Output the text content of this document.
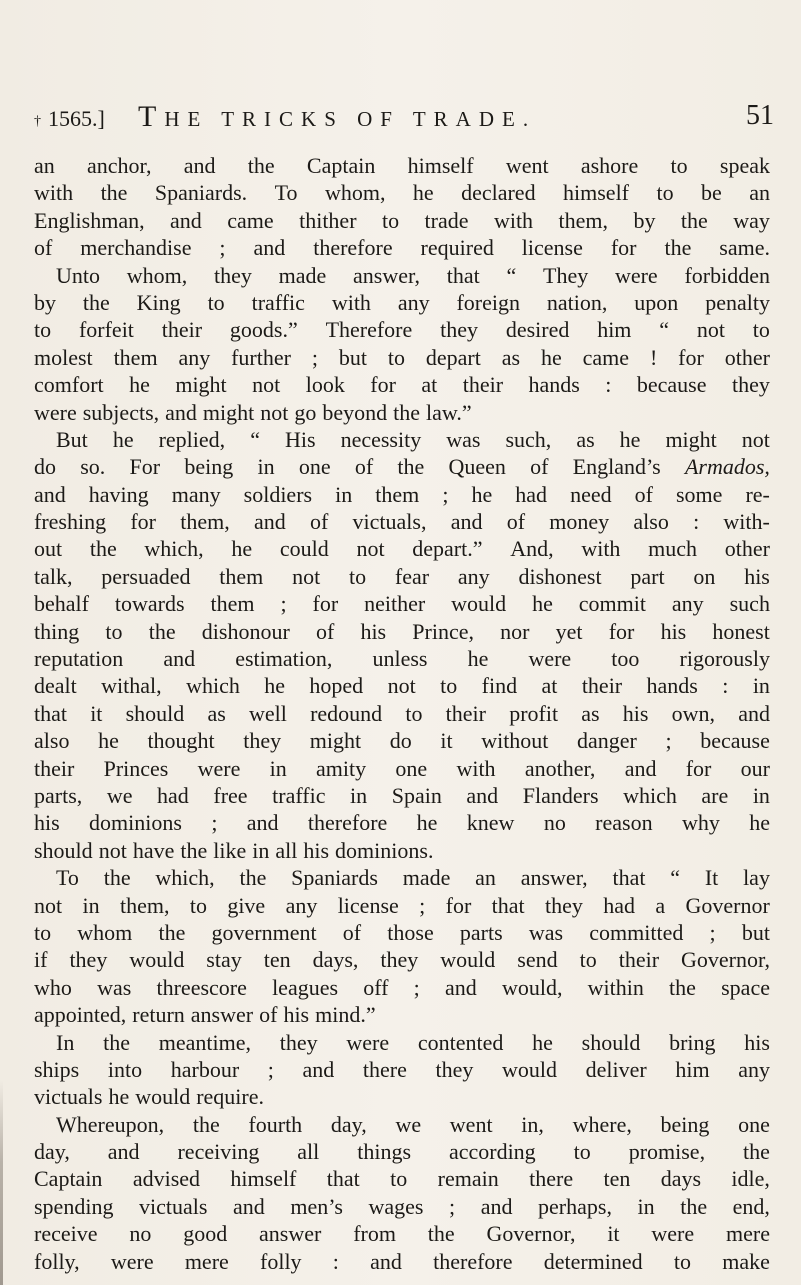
† 1565.] THE TRICKS OF TRADE.	51
an anchor, and the Captain himself went ashore to speak
with the Spaniards. To whom, he declared himself to be an
Englishman, and came thither to trade with them, by the way
of merchandise ; and therefore required license for the same.
Unto whom, they made answer, that “ They were forbidden
by the King to traffic with any foreign nation, upon penalty
to forfeit their goods.” Therefore they desired him “ not to
molest them any further ; but to depart as he came ! for other
comfort he might not look for at their hands : because they
were subjects, and might not go beyond the law.”
But he replied, “ His necessity was such, as he might not
do so. For being in one of the Queen of England’s Armados,
and having many soldiers in them ; he had need of some re-
freshing for them, and of victuals, and of money also : with-
out the which, he could not depart.” And, with much other
talk, persuaded them not to fear any dishonest part on his
behalf towards them ; for neither would he commit any such
thing to the dishonour of his Prince, nor yet for his honest
reputation and estimation, unless he were too rigorously
dealt withal, which he hoped not to find at their hands : in
that it should as well redound to their profit as his own, and
also he thought they might do it without danger ; because
their Princes were in amity one with another, and for our
parts, we had free traffic in Spain and Flanders which are in
his dominions ; and therefore he knew no reason why he
should not have the like in all his dominions.
To the which, the Spaniards made an answer, that “ It lay
not in them, to give any license ; for that they had a Governor
to whom the government of those parts was committed ; but
if they would stay ten days, they would send to their Governor,
who was threescore leagues off ; and would, within the space
appointed, return answer of his mind.”
In the meantime, they were contented he should bring his
ships into harbour ; and there they would deliver him any
victuals he would require.
Whereupon, the fourth day, we went in, where, being one
day, and receiving all things according to promise, the
Captain advised himself that to remain there ten days idle,
spending victuals and men’s wages ; and perhaps, in the end,
receive no good answer from the Governor, it were mere
folly, were mere folly : and therefore determined to make
